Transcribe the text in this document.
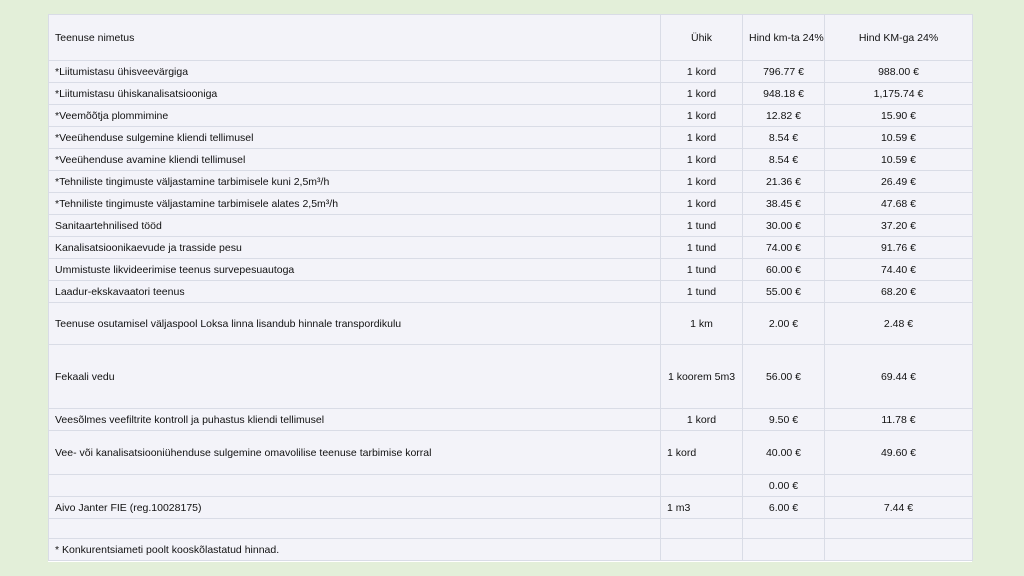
Teenuse nimetus	Ühik	Hind km-ta 24%	Hind KM-ga 24%
*Liitumistasu ühisveevärgiga	1 kord	796.77 €	988.00 €
*Liitumistasu ühiskanalisatsiooniga	1 kord	948.18 €	1,175.74 €
*Veemõõtja plommimine	1 kord	12.82 €	15.90 €
*Veeühenduse sulgemine kliendi tellimusel	1 kord	8.54 €	10.59 €
*Veeühenduse avamine kliendi tellimusel	1 kord	8.54 €	10.59 €
*Tehniliste tingimuste väljastamine tarbimisele kuni 2,5m³/h	1 kord	21.36 €	26.49 €
*Tehniliste tingimuste väljastamine tarbimisele alates 2,5m³/h	1 kord	38.45 €	47.68 €
Sanitaartehnilised tööd	1 tund	30.00 €	37.20 €
Kanalisatsioonikaevude ja trasside pesu	1 tund	74.00 €	91.76 €
Ummistuste likvideerimise teenus survepesuautoga	1 tund	60.00 €	74.40 €
Laadur-ekskavaatori teenus	1 tund	55.00 €	68.20 €
Teenuse osutamisel väljaspool Loksa linna lisandub hinnale transpordikulu	1 km	2.00 €	2.48 €
Fekaali vedu	1 koorem 5m3	56.00 €	69.44 €
Veesõlmes veefiltrite kontroll ja puhastus kliendi tellimusel	1 kord	9.50 €	11.78 €
Vee- või kanalisatsiooniühenduse sulgemine omavolilise teenuse tarbimise korral	1 kord	40.00 €	49.60 €
		0.00 €	
Aivo Janter FIE (reg.10028175)	1 m3	6.00 €	7.44 €

* Konkurentsiameti poolt kooskõlastatud hinnad.			
